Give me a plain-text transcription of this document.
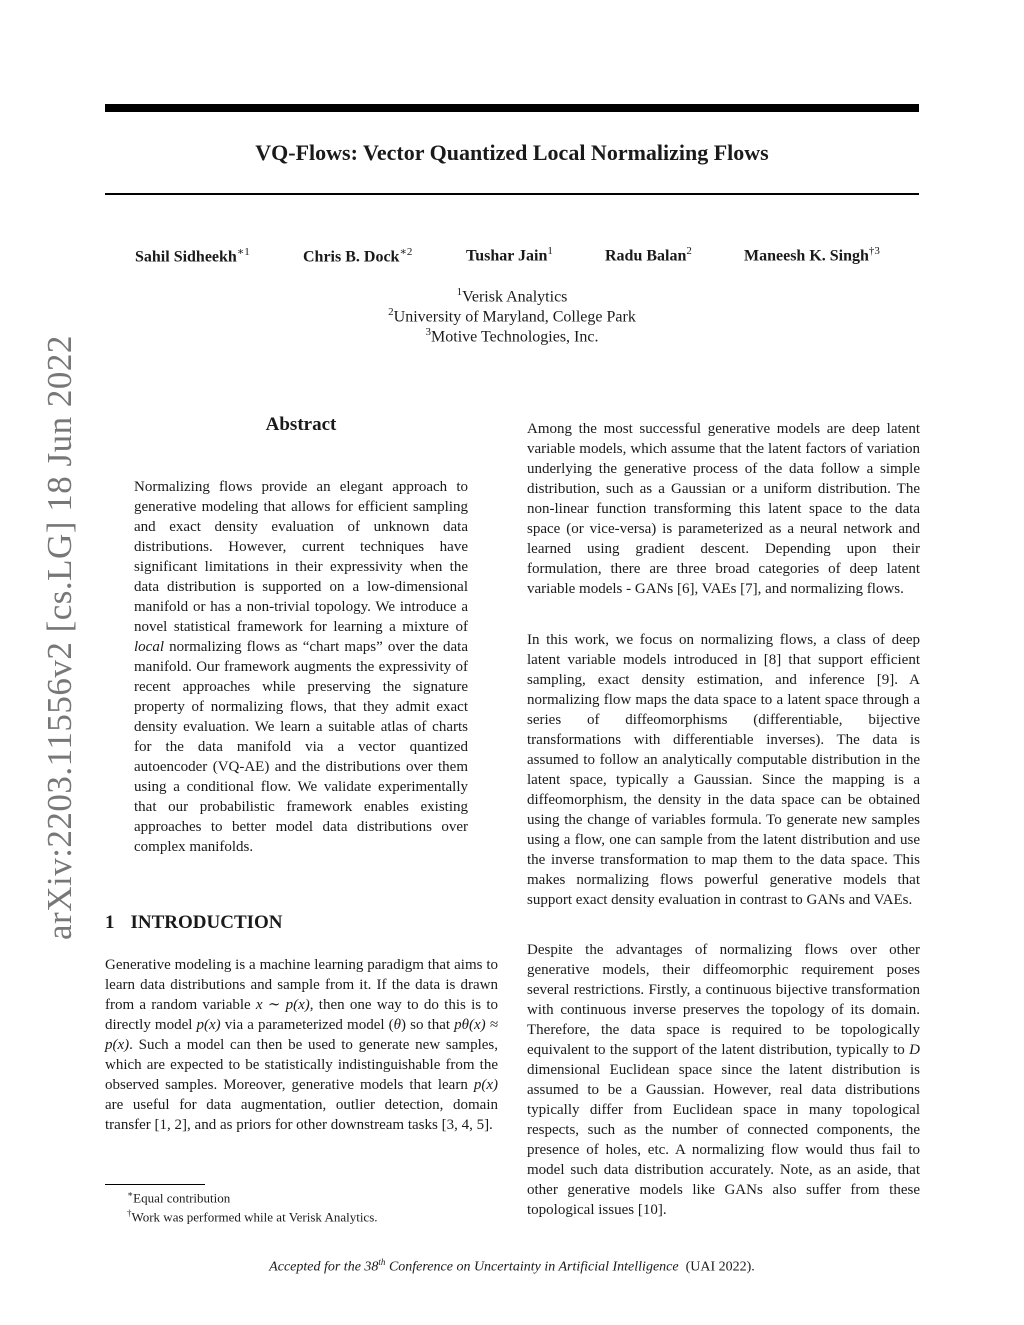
arXiv:2203.11556v2 [cs.LG] 18 Jun 2022
VQ-Flows: Vector Quantized Local Normalizing Flows
Sahil Sidheekh$^{∗1}$	Chris B. Dock$^{∗2}$	Tushar Jain$^1$	Radu Balan$^2$	Maneesh K. Singh$^{\dagger 3}$
$^1$Verisk Analytics
$^2$University of Maryland, College Park
$^3$Motive Technologies, Inc.
Abstract
Normalizing flows provide an elegant approach to generative modeling that allows for efficient sampling and exact density evaluation of unknown data distributions. However, current techniques have significant limitations in their expressivity when the data distribution is supported on a low-dimensional manifold or has a non-trivial topology. We introduce a novel statistical framework for learning a mixture of local normalizing flows as “chart maps” over the data manifold. Our framework augments the expressivity of recent approaches while preserving the signature property of normalizing flows, that they admit exact density evaluation. We learn a suitable atlas of charts for the data manifold via a vector quantized autoencoder (VQ-AE) and the distributions over them using a conditional flow. We validate experimentally that our probabilistic framework enables existing approaches to better model data distributions over complex manifolds.
1 INTRODUCTION
Generative modeling is a machine learning paradigm that aims to learn data distributions and sample from it. If the data is drawn from a random variable x ∼ p(x), then one way to do this is to directly model p(x) via a parameterized model (θ) so that pθ(x) ≈ p(x). Such a model can then be used to generate new samples, which are expected to be statistically indistinguishable from the observed samples. Moreover, generative models that learn p(x) are useful for data augmentation, outlier detection, domain transfer [1, 2], and as priors for other downstream tasks [3, 4, 5].
Among the most successful generative models are deep latent variable models, which assume that the latent factors of variation underlying the generative process of the data follow a simple distribution, such as a Gaussian or a uniform distribution. The non-linear function transforming this latent space to the data space (or vice-versa) is parameterized as a neural network and learned using gradient descent. Depending upon their formulation, there are three broad categories of deep latent variable models - GANs [6], VAEs [7], and normalizing flows.
In this work, we focus on normalizing flows, a class of deep latent variable models introduced in [8] that support efficient sampling, exact density estimation, and inference [9]. A normalizing flow maps the data space to a latent space through a series of diffeomorphisms (differentiable, bijective transformations with differentiable inverses). The data is assumed to follow an analytically computable distribution in the latent space, typically a Gaussian. Since the mapping is a diffeomorphism, the density in the data space can be obtained using the change of variables formula. To generate new samples using a flow, one can sample from the latent distribution and use the inverse transformation to map them to the data space. This makes normalizing flows powerful generative models that support exact density evaluation in contrast to GANs and VAEs.
Despite the advantages of normalizing flows over other generative models, their diffeomorphic requirement poses several restrictions. Firstly, a continuous bijective transformation with continuous inverse preserves the topology of its domain. Therefore, the data space is required to be topologically equivalent to the support of the latent distribution, typically to D dimensional Euclidean space since the latent distribution is assumed to be a Gaussian. However, real data distributions typically differ from Euclidean space in many topological respects, such as the number of connected components, the presence of holes, etc. A normalizing flow would thus fail to model such data distribution accurately. Note, as an aside, that other generative models like GANs also suffer from these topological issues [10].
∗Equal contribution
†Work was performed while at Verisk Analytics.
Accepted for the 38th Conference on Uncertainty in Artificial Intelligence (UAI 2022).
